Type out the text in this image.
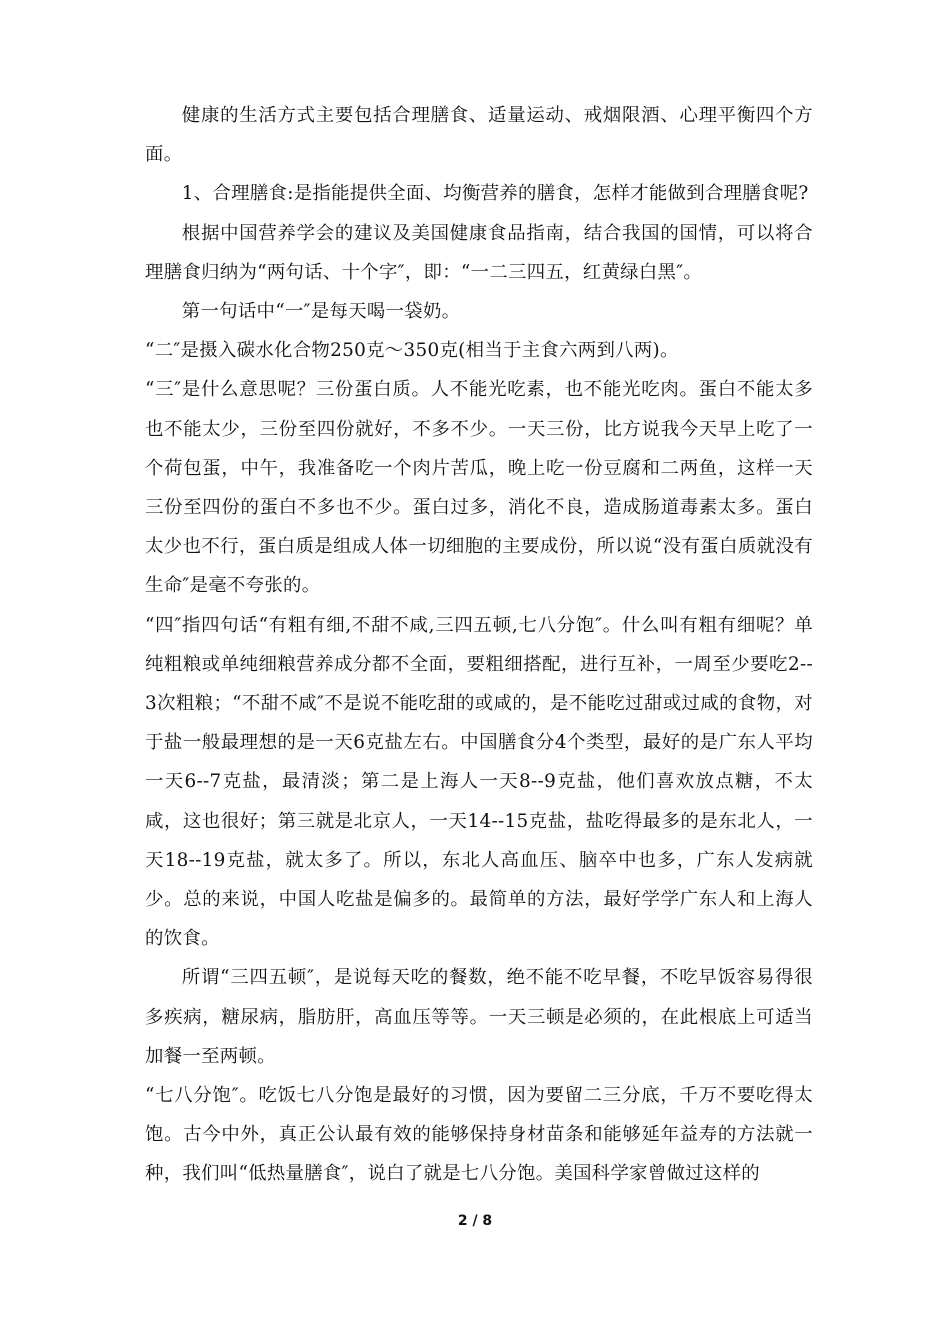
健康的生活方式主要包括合理膳食、适量运动、戒烟限酒、心理平衡四个方面。

1、合理膳食:是指能提供全面、均衡营养的膳食，怎样才能做到合理膳食呢?

根据中国营养学会的建议及美国健康食品指南，结合我国的国情，可以将合理膳食归纳为“两句话、十个字″，即：“一二三四五，红黄绿白黑″。

第一句话中“一″是每天喝一袋奶。

“二″是摄入碳水化合物250克～350克(相当于主食六两到八两)。

“三″是什么意思呢？三份蛋白质。人不能光吃素，也不能光吃肉。蛋白不能太多也不能太少，三份至四份就好，不多不少。一天三份，比方说我今天早上吃了一个荷包蛋，中午，我准备吃一个肉片苦瓜，晚上吃一份豆腐和二两鱼，这样一天三份至四份的蛋白不多也不少。蛋白过多，消化不良，造成肠道毒素太多。蛋白太少也不行，蛋白质是组成人体一切细胞的主要成份，所以说“没有蛋白质就没有生命″是毫不夸张的。

“四″指四句话“有粗有细,不甜不咸,三四五顿,七八分饱″。什么叫有粗有细呢？单纯粗粮或单纯细粮营养成分都不全面，要粗细搭配，进行互补，一周至少要吃2--3次粗粮；“不甜不咸″不是说不能吃甜的或咸的，是不能吃过甜或过咸的食物，对于盐一般最理想的是一天6克盐左右。中国膳食分4个类型，最好的是广东人平均一天6--7克盐，最清淡；第二是上海人一天8--9克盐，他们喜欢放点糖，不太咸，这也很好；第三就是北京人，一天14--15克盐，盐吃得最多的是东北人，一天18--19克盐，就太多了。所以，东北人高血压、脑卒中也多，广东人发病就少。总的来说，中国人吃盐是偏多的。最简单的方法，最好学学广东人和上海人的饮食。

所谓“三四五顿″，是说每天吃的餐数，绝不能不吃早餐，不吃早饭容易得很多疾病，糖尿病，脂肪肝，高血压等等。一天三顿是必须的，在此根底上可适当加餐一至两顿。

“七八分饱″。吃饭七八分饱是最好的习惯，因为要留二三分底，千万不要吃得太饱。古今中外，真正公认最有效的能够保持身材苗条和能够延年益寿的方法就一种，我们叫“低热量膳食″，说白了就是七八分饱。美国科学家曾做过这样的

2 / 8
